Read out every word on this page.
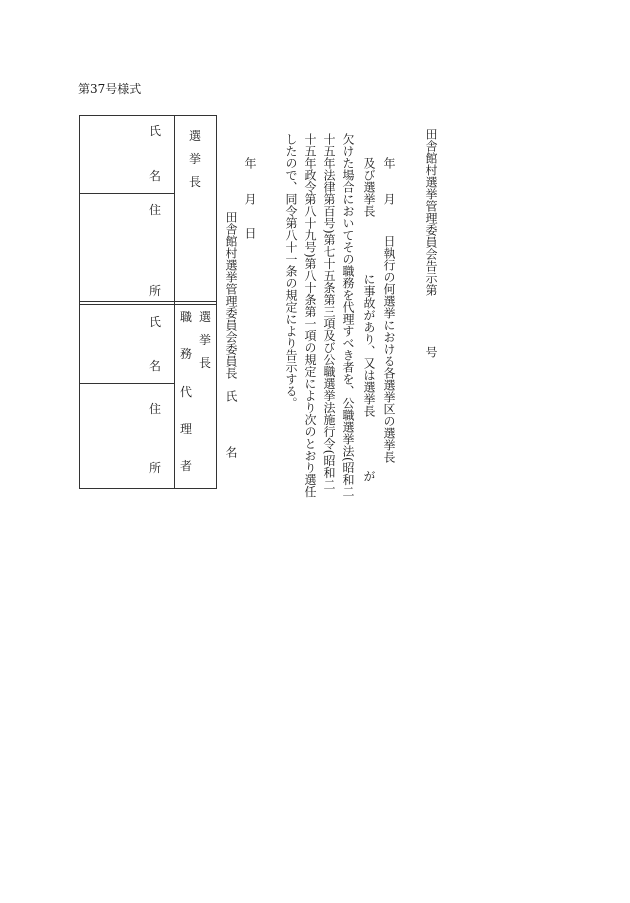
第37号様式
田舎館村選挙管理委員会告示第
号
年
月
日執行の何選挙における各選挙区の選挙長
及び選挙長
に事故があり、又は選挙長
が
欠けた場合においてその職務を代理すべき者を、公職選挙法(昭和二
十五年法律第百号)第七十五条第三項及び公職選挙法施行令(昭和二
十五年政令第八十九号)第八十条第一項の規定により次のとおり選任
したので、同令第八十一条の規定により告示する。
年
月
日
田舎館村選挙管理委員会委員長
氏
名
選
挙
長
氏
名
住
所
選
挙
長
職
務
代
理
者
氏
名
住
所
